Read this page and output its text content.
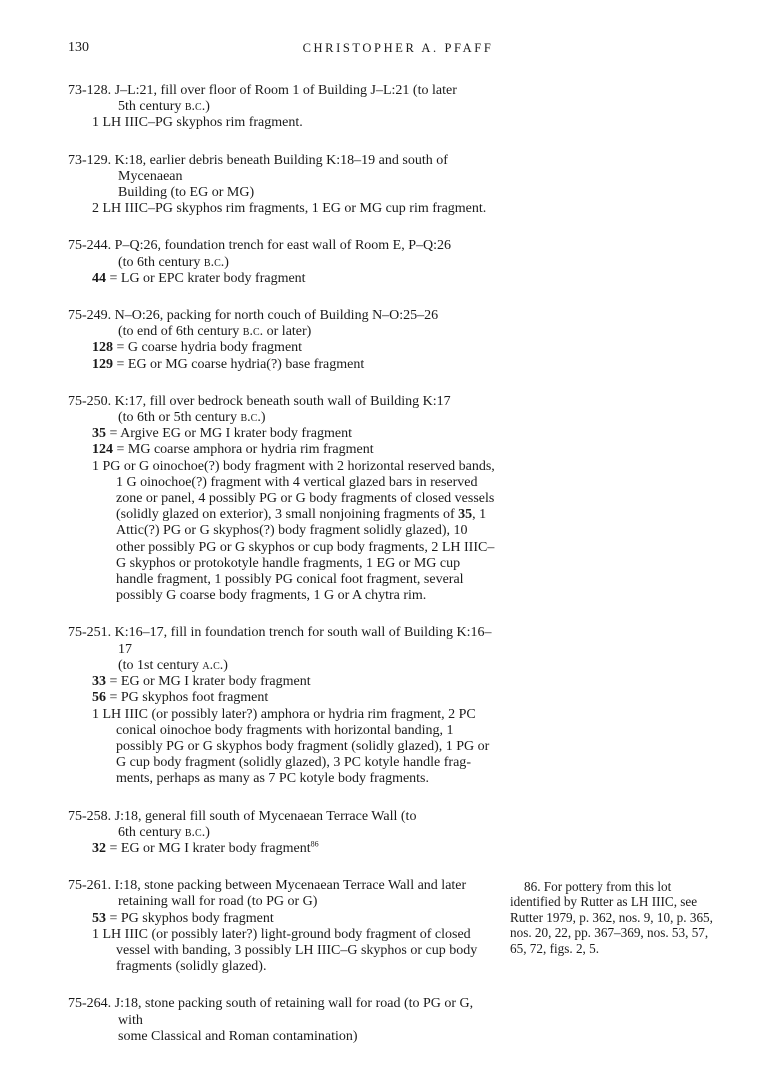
130	CHRISTOPHER A. PFAFF
73-128. J–L:21, fill over floor of Room 1 of Building J–L:21 (to later
5th century b.c.)
1 LH IIIC–PG skyphos rim fragment.
73-129. K:18, earlier debris beneath Building K:18–19 and south of Mycenaean
Building (to EG or MG)
2 LH IIIC–PG skyphos rim fragments, 1 EG or MG cup rim fragment.
75-244. P–Q:26, foundation trench for east wall of Room E, P–Q:26
(to 6th century b.c.)
44 = LG or EPC krater body fragment
75-249. N–O:26, packing for north couch of Building N–O:25–26
(to end of 6th century b.c. or later)
128 = G coarse hydria body fragment
129 = EG or MG coarse hydria(?) base fragment
75-250. K:17, fill over bedrock beneath south wall of Building K:17
(to 6th or 5th century b.c.)
35 = Argive EG or MG I krater body fragment
124 = MG coarse amphora or hydria rim fragment
1 PG or G oinochoe(?) body fragment with 2 horizontal reserved bands, 1 G oinochoe(?) fragment with 4 vertical glazed bars in reserved zone or panel, 4 possibly PG or G body fragments of closed vessels (solidly glazed on exterior), 3 small nonjoining fragments of 35, 1 Attic(?) PG or G skyphos(?) body fragment solidly glazed), 10 other possibly PG or G skyphos or cup body fragments, 2 LH IIIC–G skyphos or protokotyle handle fragments, 1 EG or MG cup handle fragment, 1 possibly PG conical foot fragment, several possibly G coarse body fragments, 1 G or A chytra rim.
75-251. K:16–17, fill in foundation trench for south wall of Building K:16–17
(to 1st century a.c.)
33 = EG or MG I krater body fragment
56 = PG skyphos foot fragment
1 LH IIIC (or possibly later?) amphora or hydria rim fragment, 2 PC conical oinochoe body fragments with horizontal banding, 1 possibly PG or G skyphos body fragment (solidly glazed), 1 PG or G cup body fragment (solidly glazed), 3 PC kotyle handle fragments, perhaps as many as 7 PC kotyle body fragments.
75-258. J:18, general fill south of Mycenaean Terrace Wall (to
6th century b.c.)
32 = EG or MG I krater body fragment$^{86}$
75-261. I:18, stone packing between Mycenaean Terrace Wall and later
retaining wall for road (to PG or G)
53 = PG skyphos body fragment
1 LH IIIC (or possibly later?) light-ground body fragment of closed vessel with banding, 3 possibly LH IIIC–G skyphos or cup body fragments (solidly glazed).
75-264. J:18, stone packing south of retaining wall for road (to PG or G, with
some Classical and Roman contamination)

86. For pottery from this lot identified by Rutter as LH IIIC, see Rutter 1979, p. 362, nos. 9, 10, p. 365, nos. 20, 22, pp. 367–369, nos. 53, 57, 65, 72, figs. 2, 5.
